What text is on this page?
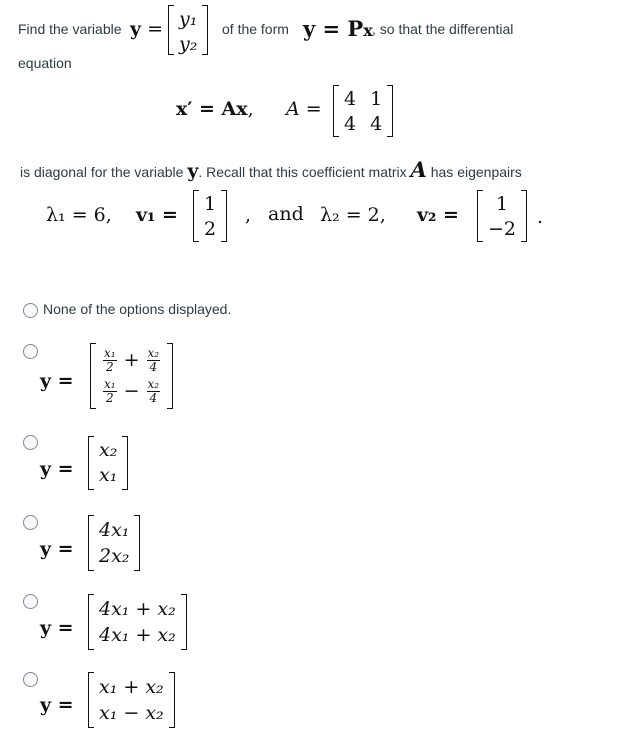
Find the variable y = y₁
y₂
of the form y = Px , so that the differential
equation
x′ = Ax, A = 4 1
4 4
is diagonal for the variable y. Recall that this coefficient matrix A has eigenpairs
λ₁ = 6, v₁ = 1
2
, and λ₂ = 2, v₂ =	1
−2
.
None of the options displayed.
y =
$\frac{\text{x₁}}{2} + \frac{\text{x₂}}{4}$
$\frac{\text{x₁}}{2} - \frac{\text{x₂}}{4}$
y =
x₂
x₁
y =
4x₁
2x₂
y =
4x₁ + x₂
4x₁ + x₂
y =
x₁ + x₂
x₁ − x₂
